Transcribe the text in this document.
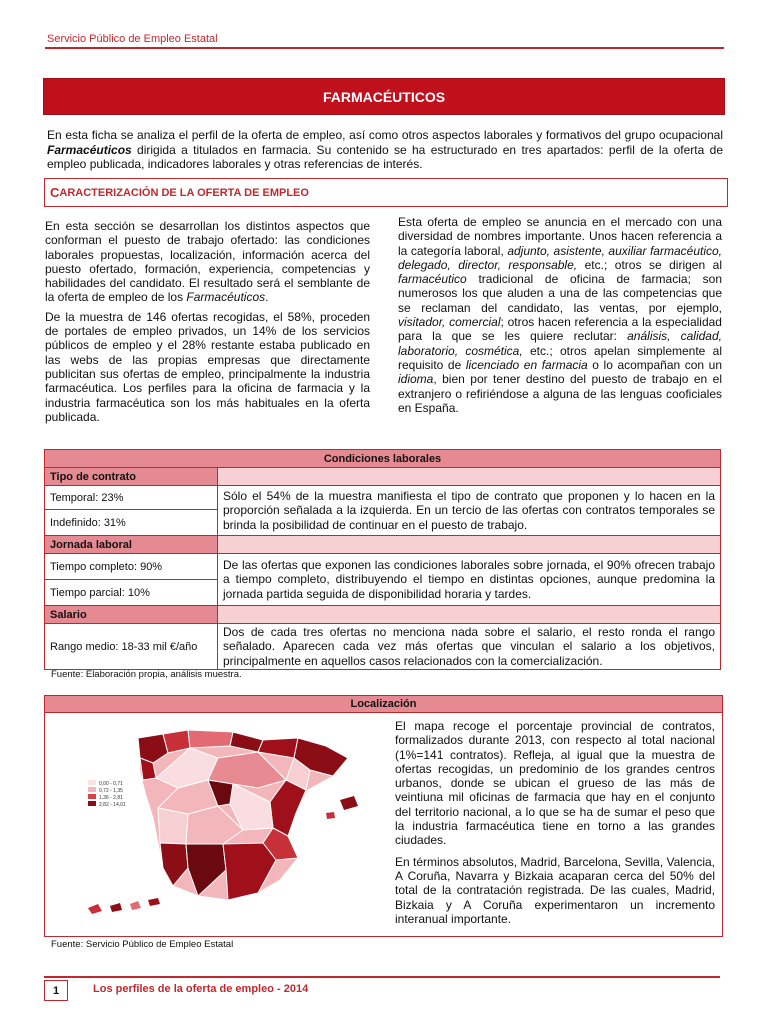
Servicio Público de Empleo Estatal
FARMACÉUTICOS
En esta ficha se analiza el perfil de la oferta de empleo, así como otros aspectos laborales y formativos del grupo ocupacional Farmacéuticos dirigida a titulados en farmacia. Su contenido se ha estructurado en tres apartados: perfil de la oferta de empleo publicada, indicadores laborales y otras referencias de interés.
C ARACTERIZACIÓN DE LA OFERTA DE EMPLEO

En esta sección se desarrollan los distintos aspectos que conforman el puesto de trabajo ofertado: las condiciones laborales propuestas, localización, información acerca del puesto ofertado, formación, experiencia, competencias y habilidades del candidato. El resultado será el semblante de la oferta de empleo de los Farmacéuticos.

De la muestra de 146 ofertas recogidas, el 58%, proceden de portales de empleo privados, un 14% de los servicios públicos de empleo y el 28% restante estaba publicado en las webs de las propias empresas que directamente publicitan sus ofertas de empleo, principalmente la industria farmacéutica. Los perfiles para la oficina de farmacia y la industria farmacéutica son los más habituales en la oferta publicada.

Esta oferta de empleo se anuncia en el mercado con una diversidad de nombres importante. Unos hacen referencia a la categoría laboral, adjunto, asistente, auxiliar farmacéutico, delegado, director, responsable, etc.; otros se dirigen al farmacéutico tradicional de oficina de farmacia; son numerosos los que aluden a una de las competencias que se reclaman del candidato, las ventas, por ejemplo, visitador, comercial; otros hacen referencia a la especialidad para la que se les quiere reclutar: análisis, calidad, laboratorio, cosmética, etc.; otros apelan simplemente al requisito de licenciado en farmacia o lo acompañan con un idioma, bien por tener destino del puesto de trabajo en el extranjero o refiriéndose a alguna de las lenguas cooficiales en España.

Condiciones laborales	
Tipo de contrato	
Temporal: 23%	Sólo el 54% de la muestra manifiesta el tipo de contrato que proponen y lo hacen en la proporción señalada a la izquierda. En un tercio de las ofertas con contratos temporales se brinda la posibilidad de continuar en el puesto de trabajo.
Indefinido: 31%	
Jornada laboral	
Tiempo completo: 90%	De las ofertas que exponen las condiciones laborales sobre jornada, el 90% ofrecen trabajo a tiempo completo, distribuyendo el tiempo en distintas opciones, aunque predomina la jornada partida seguida de disponibilidad horaria y tardes.
Tiempo parcial: 10%	
Salario	
Rango medio: 18-33 mil €/año	Dos de cada tres ofertas no menciona nada sobre el salario, el resto ronda el rango señalado. Aparecen cada vez más ofertas que vinculan el salario a los objetivos, principalmente en aquellos casos relacionados con la comercialización.
Fuente: Elaboración propia, análisis muestra.
Localización
0,00 - 0,71
0,72 - 1,35
1,36 - 2,81
2,82 - 14,01

El mapa recoge el porcentaje provincial de contratos, formalizados durante 2013, con respecto al total nacional (1%=141 contratos). Refleja, al igual que la muestra de ofertas recogidas, un predominio de los grandes centros urbanos, donde se ubican el grueso de las más de veintiuna mil oficinas de farmacia que hay en el conjunto del territorio nacional, a lo que se ha de sumar el peso que la industria farmacéutica tiene en torno a las grandes ciudades.

En términos absolutos, Madrid, Barcelona, Sevilla, Valencia, A Coruña, Navarra y Bizkaia acaparan cerca del 50% del total de la contratación registrada. De las cuales, Madrid, Bizkaia y A Coruña experimentaron un incremento interanual importante.

Fuente: Servicio Público de Empleo Estatal
1	Los perfiles de la oferta de empleo - 2014
